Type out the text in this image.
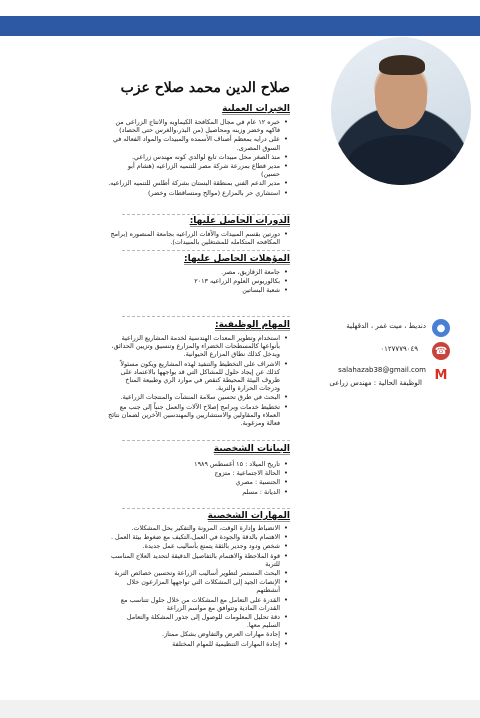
صلاح الدين محمد صلاح عزب
الخبرات العملية
• خبره ١٢ عام في مجال المكافحة الكيماويه والانتاج الزراعى من فاكهه وخضر وزينه ومحاصيل (من البذر،والغرس حتى الحصاد)
• على درايه بمعظم أصناف الأسمده والمبيدات والمواد الفعاله في السوق المصرى.
• منذ الصغر محل مبيدات تابع لوالدي كونه مهندس زراعي.
• مدير قطاع بمزرعة شركة مصر للتنميه الزراعيه (هشام أبو حسين)
• مدير الدعم الفني بمنطقة البستان بشركة أطلس للتنميه الزراعيه.
• استشاري حر بالمزارع (موالح ومتساقطات وخضر)
الدورات الحاصل عليها:
• دورتين بقسم المبيدات والآفات الزراعيه بجامعة المنصوره (برامج المكافحه المتكامله للمشتغلين بالمبيدات).
المؤهلات الحاصل عليها:
• جامعة الزقازيق، مصر.
• بكالوريوس العلوم الزراعيه ٢٠١٣
• شعبة البساتين
المهام الوظيفية:
• استخدام وتطوير المعدات الهندسية لخدمة المشاريع الزراعية بأنواعها كالمسطحات الخضراء والمزارع وتنسيق وتزيين الحدائق، ويدخل كذلك نطاق المزارع الحيوانية.
• الاشراف على التخطيط والتنفيذ لهذه المشاريع ويكون مسئولاً كذلك عن إيجاد حلول للمشاكل التي قد يواجهها بالاعتماد على ظروف البيئة المحيطة كنقص في موارد الري وطبيعة المناخ ودرجات الحرارة والتربة.
• البحث في طرق تحسين سلامة المنشآت والمنتجات الزراعية.
• تخطيط خدمات وبرامج إصلاح الآلات والعمل جنباً إلى جنب مع العملاء والمقاولين والاستشاريين والمهندسين الآخرين لضمان نتائج فعالة ومرغوبة.
البيانات الشخصية
• تاريخ الميلاد : ١٥ أغسطس ١٩٨٩
• الحالة الاجتماعية : متزوج
• الجنسية : مصري
• الديانة : مسلم
المهارات الشخصية
• الانضباط وإدارة الوقت، المرونة والتفكير بحل المشكلات.
• الاهتمام بالدقة والجودة في العمل،التكيف مع ضغوط بيئة العمل .
• شخص ودود وجدير بالثقة يتمتع بأساليب عمل جديدة.
• قوة الملاحظة والاهتمام بالتفاصيل الدقيقة لتحديد العلاج المناسب للتربة
• البحث المستمر لتطوير أساليب الزراعة وتحسين خصائص التربة
• الإنصات الجيد إلى المشكلات التي تواجهها المزارعون خلال أنشطتهم
• القدرة على التعامل مع المشكلات من خلال حلول تتناسب مع القدرات المادية وتتوافق مع مواسم الزراعة
• دقة تحليل المعلومات للوصول إلى جذور المشكلة والتعامل السليم معها.
• إجادة مهارات العرض والتفاوض بشكل ممتاز.
• إجادة المهارات التنظيمية للمهام المختلفة
●
☎
M
دنديط ، ميت غمر ، الدقهلية
٠١٢٧٧٧٩٠٤٩
salahazab38@gmail.com
الوظيفة الحالية : مهندس زراعى
